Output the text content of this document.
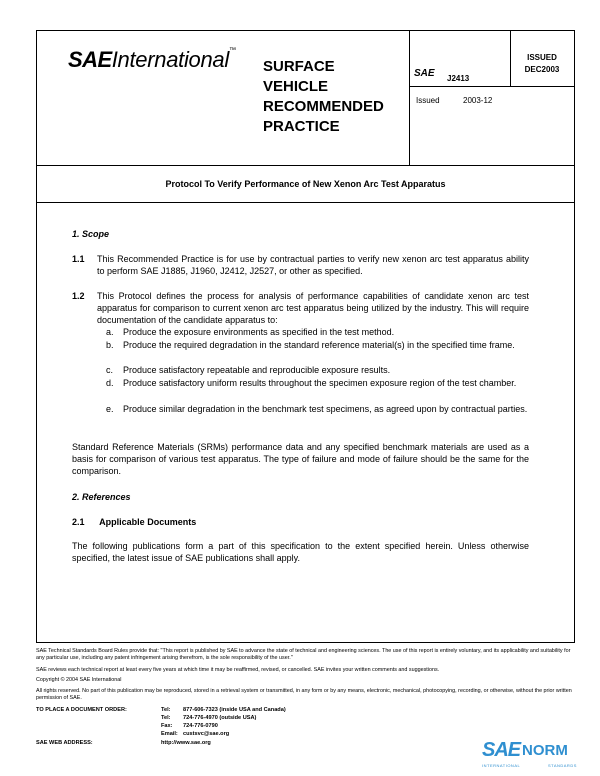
SAEInternational™
SURFACE
VEHICLE
RECOMMENDED
PRACTICE
SAE J2413
ISSUED
DEC2003
Issued	2003-12
Protocol To Verify Performance of New Xenon Arc Test Apparatus
1. Scope
1.1 This Recommended Practice is for use by contractual parties to verify new xenon arc test apparatus ability to perform SAE J1885, J1960, J2412, J2527, or other as specified.
1.2 This Protocol defines the process for analysis of performance capabilities of candidate xenon arc test apparatus for comparison to current xenon arc test apparatus being utilized by the industry. This will require documentation of the candidate apparatus to:
a. Produce the exposure environments as specified in the test method.
b. Produce the required degradation in the standard reference material(s) in the specified time frame.
c. Produce satisfactory repeatable and reproducible exposure results.
d. Produce satisfactory uniform results throughout the specimen exposure region of the test chamber.
e. Produce similar degradation in the benchmark test specimens, as agreed upon by contractual parties.
Standard Reference Materials (SRMs) performance data and any specified benchmark materials are used as a basis for comparison of various test apparatus. The type of failure and mode of failure should be the same for the comparison.
2. References
2.1      Applicable Documents
The following publications form a part of this specification to the extent specified herein. Unless otherwise specified, the latest issue of SAE publications shall apply.
SAE Technical Standards Board Rules provide that: "This report is published by SAE to advance the state of technical and engineering sciences. The use of this report is entirely voluntary, and its applicability and suitability for any particular use, including any patent infringement arising therefrom, is the sole responsibility of the user."
SAE reviews each technical report at least every five years at which time it may be reaffirmed, revised, or cancelled. SAE invites your written comments and suggestions.
Copyright © 2004 SAE International
All rights reserved. No part of this publication may be reproduced, stored in a retrieval system or transmitted, in any form or by any means, electronic, mechanical, photocopying, recording, or otherwise, without the prior written permission of SAE.
TO PLACE A DOCUMENT ORDER:	Tel: 877-606-7323 (inside USA and Canada)
Tel: 724-776-4970 (outside USA)
Fax: 724-776-0790
Email: custsvc@sae.org
SAE WEB ADDRESS:	http://www.sae.org	SAE NORM
INTERNATIONAL	STANDARDS
